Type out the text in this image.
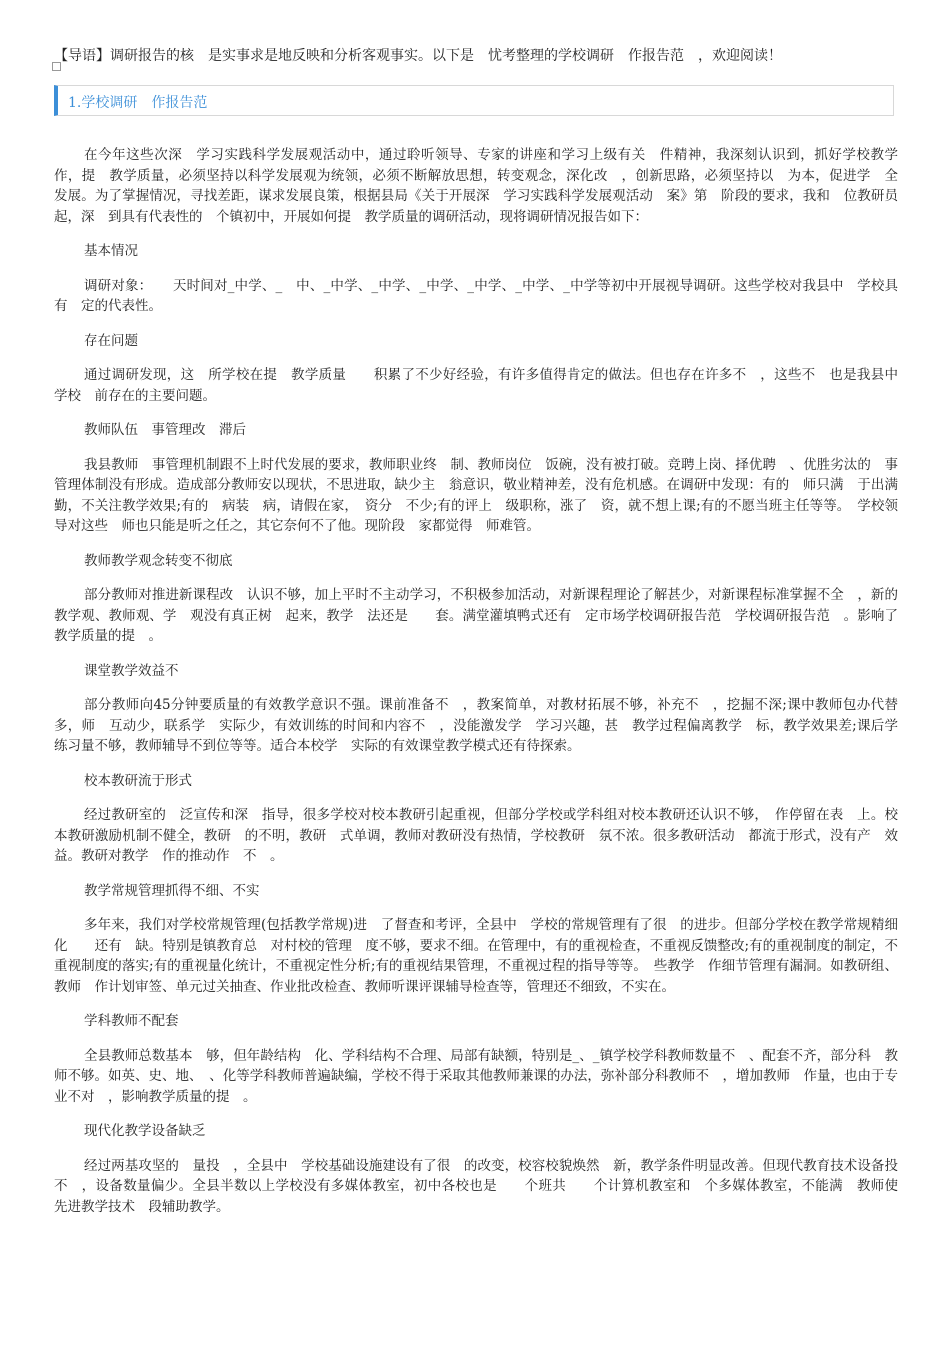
【导语】调研报告的核　是实事求是地反映和分析客观事实。以下是　忧考整理的学校调研　作报告范　，欢迎阅读！
1.学校调研　作报告范

在今年这些次深　学习实践科学发展观活动中，通过聆听领导、专家的讲座和学习上级有关　件精神，我深刻认识到，抓好学校教学　作，提　教学质量，必须坚持以科学发展观为统领，必须不断解放思想，转变观念，深化改　，创新思路，必须坚持以　为本，促进学　全　发展。为了掌握情况，寻找差距，谋求发展良策，根据县局《关于开展深　学习实践科学发展观活动　案》第　阶段的要求，我和　位教研员　起，深　到具有代表性的　个镇初中，开展如何提　教学质量的调研活动，现将调研情况报告如下：

基本情况

调研对象：　　天时间对_中学、_　中、_中学、_中学、_中学、_中学、_中学、_中学等初中开展视导调研。这些学校对我县中　学校具有　定的代表性。

存在问题

通过调研发现，这　所学校在提　教学质量　　积累了不少好经验，有许多值得肯定的做法。但也存在许多不　，这些不　也是我县中　学校　前存在的主要问题。

教师队伍　事管理改　滞后

我县教师　事管理机制跟不上时代发展的要求，教师职业终　制、教师岗位　饭碗，没有被打破。竞聘上岗、择优聘　、优胜劣汰的　事管理体制没有形成。造成部分教师安以现状，不思进取，缺少主　翁意识，敬业精神差，没有危机感。在调研中发现：有的　师只满　于出满勤，不关注教学效果;有的　病装　病，请假在家，　资分　不少;有的评上　级职称，涨了　资，就不想上课;有的不愿当班主任等等。　学校领导对这些　师也只能是听之任之，其它奈何不了他。现阶段　家都觉得　师难管。

教师教学观念转变不彻底

部分教师对推进新课程改　认识不够，加上平时不主动学习，不积极参加活动，对新课程理论了解甚少，对新课程标准掌握不全　，新的教学观、教师观、学　观没有真正树　起来，教学　法还是　　套。满堂灌填鸭式还有　定市场学校调研报告范　学校调研报告范　。影响了教学质量的提　。

课堂教学效益不

部分教师向45分钟要质量的有效教学意识不强。课前准备不　，教案简单，对教材拓展不够，补充不　，挖掘不深;课中教师包办代替多，师　互动少，联系学　实际少，有效训练的时间和内容不　，没能激发学　学习兴趣，甚　教学过程偏离教学　标，教学效果差;课后学　练习量不够，教师辅导不到位等等。适合本校学　实际的有效课堂教学模式还有待探索。

校本教研流于形式

经过教研室的　泛宣传和深　指导，很多学校对校本教研引起重视，但部分学校或学科组对校本教研还认识不够，　作停留在表　上。校本教研激励机制不健全，教研　的不明，教研　式单调，教师对教研没有热情，学校教研　氛不浓。很多教研活动　都流于形式，没有产　效益。教研对教学　作的推动作　不　。

教学常规管理抓得不细、不实

多年来，我们对学校常规管理(包括教学常规)进　了督查和考评，全县中　学校的常规管理有了很　的进步。但部分学校在教学常规精细化　　还有　缺。特别是镇教育总　对村校的管理　度不够，要求不细。在管理中，有的重视检查，不重视反馈整改;有的重视制度的制定，不重视制度的落实;有的重视量化统计，不重视定性分析;有的重视结果管理，不重视过程的指导等等。　些教学　作细节管理有漏洞。如教研组、教师　作计划审签、单元过关抽查、作业批改检查、教师听课评课辅导检查等，管理还不细致，不实在。

学科教师不配套

全县教师总数基本　够，但年龄结构　化、学科结构不合理、局部有缺额，特别是_、_镇学校学科教师数量不　、配套不齐，部分科　教师不够。如英、史、地、　、化等学科教师普遍缺编，学校不得于采取其他教师兼课的办法，弥补部分科教师不　，增加教师　作量，也由于专业不对　，影响教学质量的提　。

现代化教学设备缺乏

经过两基攻坚的　量投　，全县中　学校基础设施建设有了很　的改变，校容校貌焕然　新，教学条件明显改善。但现代教育技术设备投　不　，设备数量偏少。全县半数以上学校没有多媒体教室，初中各校也是　　个班共　　个计算机教室和　个多媒体教室，不能满　教师使　先进教学技术　段辅助教学。
